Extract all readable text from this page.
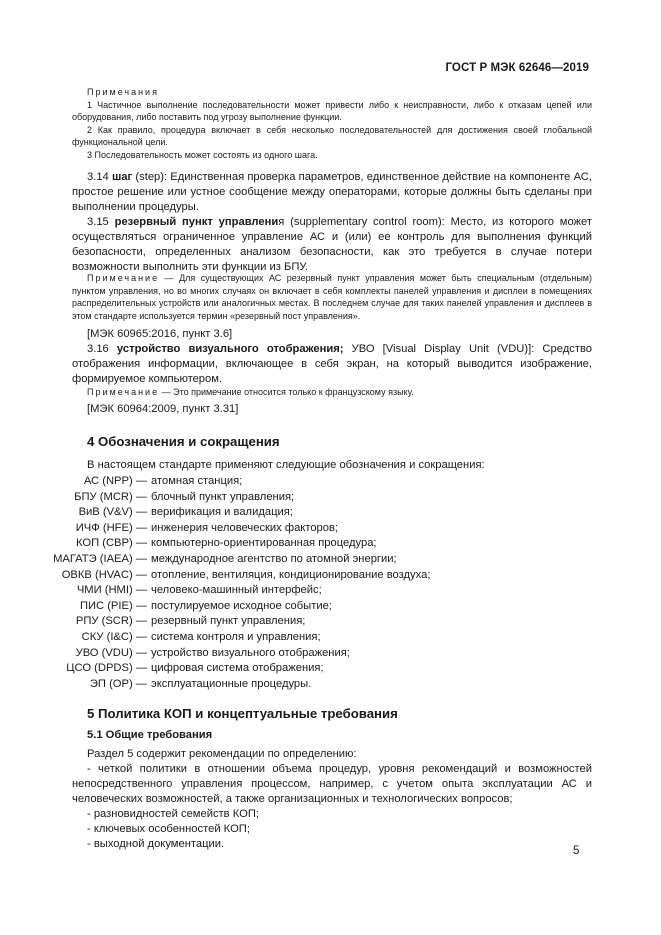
ГОСТ Р МЭК 62646—2019

Примечания

1 Частичное выполнение последовательности может привести либо к неисправности, либо к отказам цепей или оборудования, либо поставить под угрозу выполнение функции.

2 Как правило, процедура включает в себя несколько последовательностей для достижения своей глобальной функциональной цели.

3 Последовательность может состоять из одного шага.

3.14 шаг (step): Единственная проверка параметров, единственное действие на компоненте АС, простое решение или устное сообщение между операторами, которые должны быть сделаны при выполнении процедуры.

3.15 резервный пункт управления (supplementary control room): Место, из которого может осуществляться ограниченное управление АС и (или) ее контроль для выполнения функций безопасности, определенных анализом безопасности, как это требуется в случае потери возможности выполнить эти функции из БПУ.

Примечание — Для существующих АС резервный пункт управления может быть специальным (отдельным) пунктом управления, но во многих случаях он включает в себя комплекты панелей управления и дисплеи в помещениях распределительных устройств или аналогичных местах. В последнем случае для таких панелей управления и дисплеев в этом стандарте используется термин «резервный пост управления».

[МЭК 60965:2016, пункт 3.6]

3.16 устройство визуального отображения; УВО [Visual Display Unit (VDU)]: Средство отображения информации, включающее в себя экран, на который выводится изображение, формируемое компьютером.

Примечание — Это примечание относится только к французскому языку.

[МЭК 60964:2009, пункт 3.31]
4 Обозначения и сокращения
В настоящем стандарте применяют следующие обозначения и сокращения:
АС (NPP) — атомная станция;
БПУ (MCR) — блочный пункт управления;
ВиВ (V&V) — верификация и валидация;
ИЧФ (HFE) — инженерия человеческих факторов;
КОП (CBP) — компьютерно-ориентированная процедура;
МАГАТЭ (IAEA) — международное агентство по атомной энергии;
ОВКВ (HVAC) — отопление, вентиляция, кондиционирование воздуха;
ЧМИ (HMI) — человеко-машинный интерфейс;
ПИС (PIE) — постулируемое исходное событие;
РПУ (SCR) — резервный пункт управления;
СКУ (I&C) — система контроля и управления;
УВО (VDU) — устройство визуального отображения;
ЦСО (DPDS) — цифровая система отображения;
ЭП (OP) — эксплуатационные процедуры.
5 Политика КОП и концептуальные требования
5.1 Общие требования
Раздел 5 содержит рекомендации по определению:

- четкой политики в отношении объема процедур, уровня рекомендаций и возможностей непосредственного управления процессом, например, с учетом опыта эксплуатации АС и человеческих возможностей, а также организационных и технологических вопросов;

- разновидностей семейств КОП;

- ключевых особенностей КОП;

- выходной документации.

5
